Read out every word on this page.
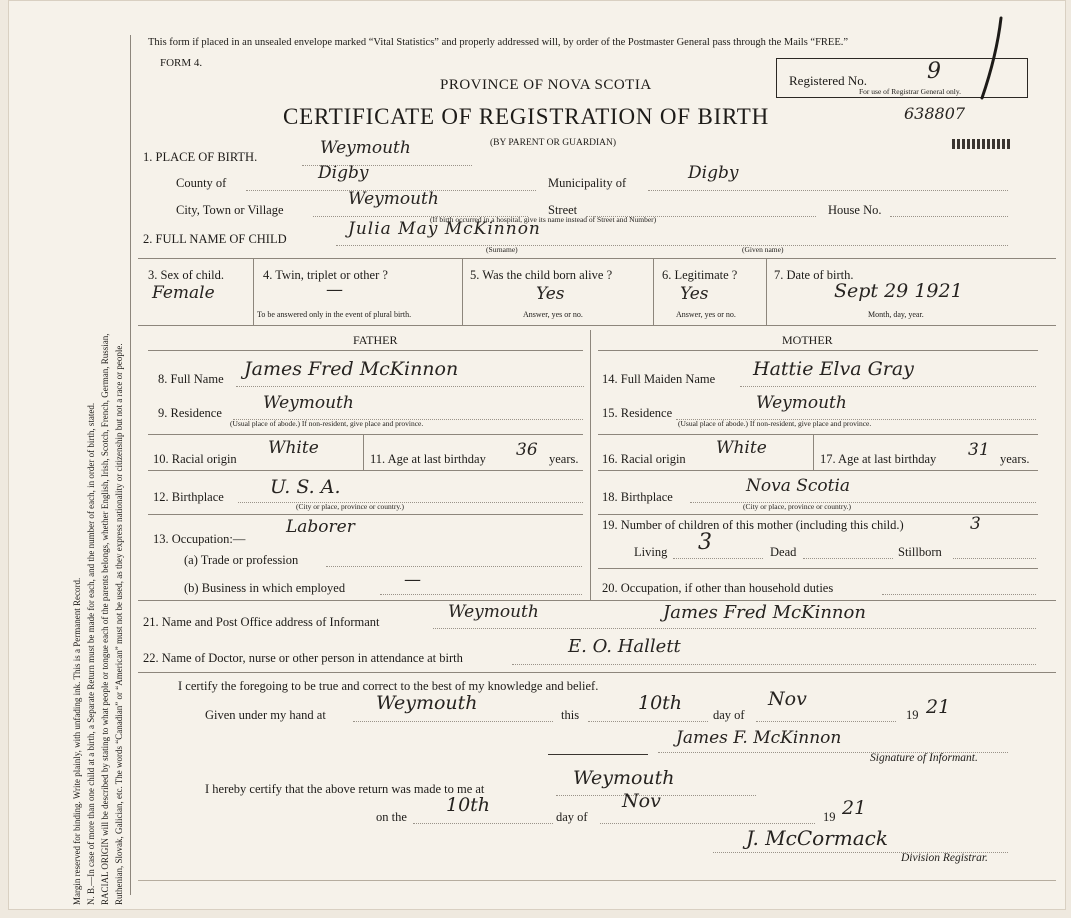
Margin reserved for binding. Write plainly, with unfading ink. This is a Permanent Record. N. B.—In case of more than one child at a birth, a Separate Return must be made for each, and the number of each, in order of birth, stated. RACIAL ORIGIN will be described by stating to what people or tongue each of the parents belongs, whether English, Irish, Scotch, French, German, Russian, Ruthenian, Slovak, Galician, etc. The words “Canadian” or “American” must not be used, as they express nationality or citizenship but not a race or people.
This form if placed in an unsealed envelope marked “Vital Statistics” and properly addressed will, by order of the Postmaster General pass through the Mails “FREE.”
FORM 4.
PROVINCE OF NOVA SCOTIA
CERTIFICATE OF REGISTRATION OF BIRTH
(BY PARENT OR GUARDIAN)
Registered No.	9
For use of Registrar General only.
638807
1. PLACE OF BIRTH.	Weymouth
County of	Digby	Municipality of	Digby
City, Town or Village
Weymouth
Street	House No.
(If birth occurred in a hospital, give its name instead of Street and Number)
2. FULL NAME OF CHILD	Julia May McKinnon
(Surname)	(Given name)
3. Sex of child.
Female
4. Twin, triplet or other ?
—
To be answered only in the event of plural birth.
5. Was the child born alive ?
Yes
Answer, yes or no.
6. Legitimate ?
Yes
Answer, yes or no.
7. Date of birth.
Sept 29 1921
Month, day, year.
FATHER	MOTHER
8. Full Name James Fred McKinnon
9. Residence Weymouth
(Usual place of abode.) If non-resident, give place and province.
10. Racial origin
White
11. Age at last birthday 36 years.
12. Birthplace U. S. A.
(City or place, province or country.)
13. Occupation:—
Laborer
(a) Trade or profession
(b) Business in which employed	—
14. Full Maiden Name Hattie Elva Gray
15. Residence	Weymouth
(Usual place of abode.) If non-resident, give place and province.
16. Racial origin
White
17. Age at last birthday 31 years.
18. Birthplace
Nova Scotia
(City or place, province or country.)
19. Number of children of this mother (including this child.)	3
Living 3	Dead	Stillborn
20. Occupation, if other than household duties
21. Name and Post Office address of Informant	Weymouth	James Fred McKinnon
22. Name of Doctor, nurse or other person in attendance at birth
E. O. Hallett
I certify the foregoing to be true and correct to the best of my knowledge and belief.
Given under my hand at
Weymouth
this
10th
day of
Nov
19 21
James F. McKinnon
Signature of Informant.
I hereby certify that the above return was made to me at	Weymouth
on the
10th
day of
Nov
19 21
J. McCormack
Division Registrar.
